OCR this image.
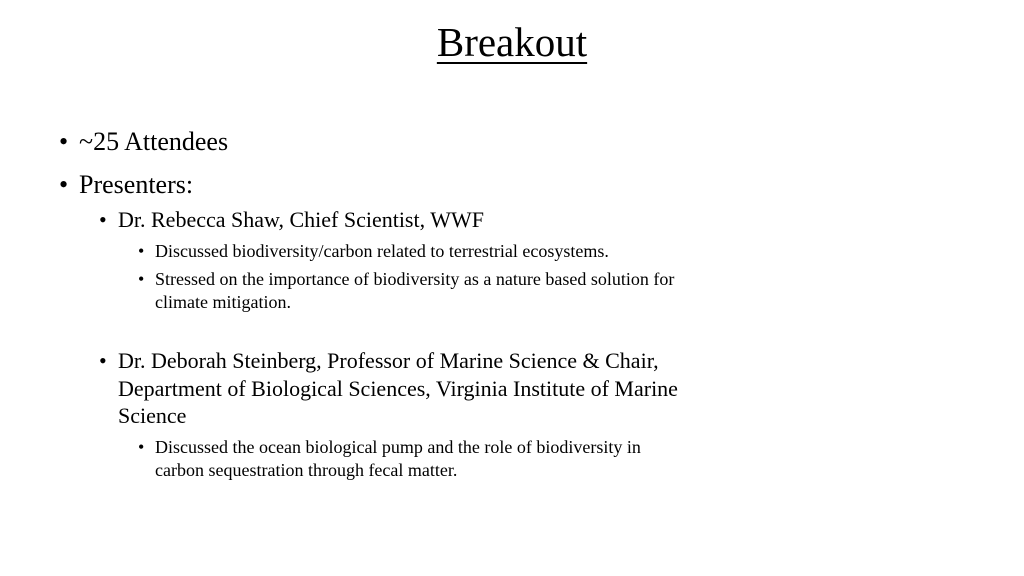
Breakout
• ~25 Attendees
• Presenters:
• Dr. Rebecca Shaw, Chief Scientist, WWF
• Discussed biodiversity/carbon related to terrestrial ecosystems.
• Stressed on the importance of biodiversity as a nature based solution for climate mitigation.
• Dr. Deborah Steinberg, Professor of Marine Science & Chair, Department of Biological Sciences, Virginia Institute of Marine Science
• Discussed the ocean biological pump and the role of biodiversity in carbon sequestration through fecal matter.
